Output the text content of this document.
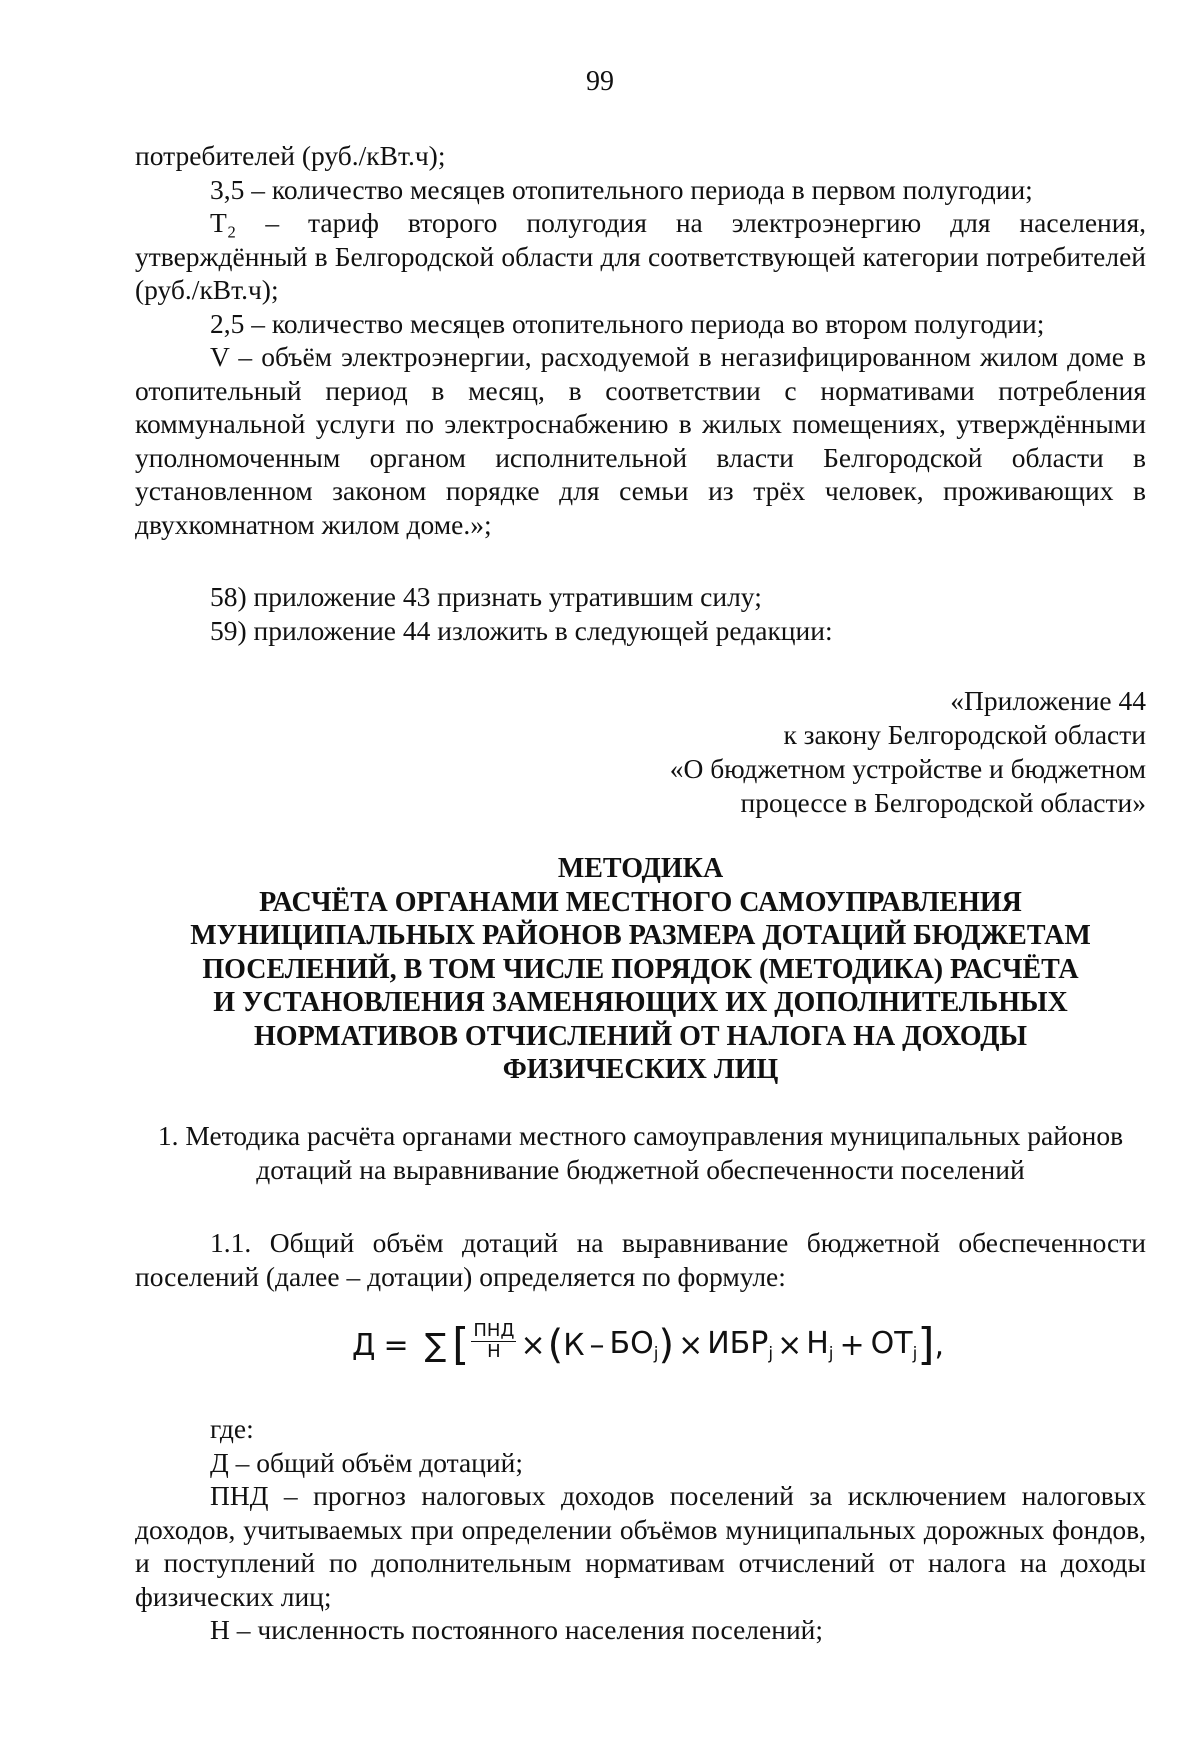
99

потребителей (руб./кВт.ч);

3,5 – количество месяцев отопительного периода в первом полугодии;

Т₂ – тариф второго полугодия на электроэнергию для населения, утверждённый в Белгородской области для соответствующей категории потребителей (руб./кВт.ч);

2,5 – количество месяцев отопительного периода во втором полугодии;

V – объём электроэнергии, расходуемой в негазифицированном жилом доме в отопительный период в месяц, в соответствии с нормативами потребления коммунальной услуги по электроснабжению в жилых помещениях, утверждёнными уполномоченным органом исполнительной власти Белгородской области в установленном законом порядке для семьи из трёх человек, проживающих в двухкомнатном жилом доме.»;

58) приложение 43 признать утратившим силу;

59) приложение 44 изложить в следующей редакции:

«Приложение 44
к закону Белгородской области
«О бюджетном устройстве и бюджетном
процессе в Белгородской области»
МЕТОДИКА
РАСЧЁТА ОРГАНАМИ МЕСТНОГО САМОУПРАВЛЕНИЯ
МУНИЦИПАЛЬНЫХ РАЙОНОВ РАЗМЕРА ДОТАЦИЙ БЮДЖЕТАМ
ПОСЕЛЕНИЙ, В ТОМ ЧИСЛЕ ПОРЯДОК (МЕТОДИКА) РАСЧЁТА
И УСТАНОВЛЕНИЯ ЗАМЕНЯЮЩИХ ИХ ДОПОЛНИТЕЛЬНЫХ
НОРМАТИВОВ ОТЧИСЛЕНИЙ ОТ НАЛОГА НА ДОХОДЫ
ФИЗИЧЕСКИХ ЛИЦ
1. Методика расчёта органами местного самоуправления муниципальных районов дотаций на выравнивание бюджетной обеспеченности поселений

1.1. Общий объём дотаций на выравнивание бюджетной обеспеченности поселений (далее – дотации) определяется по формуле:

Д = ∑ [ $\frac{\text{ПНД}}{Н}$ × ( К – $БО_j$ ) × $ИБР_j \times Н_j + ОТ_j$ ] ,

где:

Д – общий объём дотаций;

ПНД – прогноз налоговых доходов поселений за исключением налоговых доходов, учитываемых при определении объёмов муниципальных дорожных фондов, и поступлений по дополнительным нормативам отчислений от налога на доходы физических лиц;

Н – численность постоянного населения поселений;
